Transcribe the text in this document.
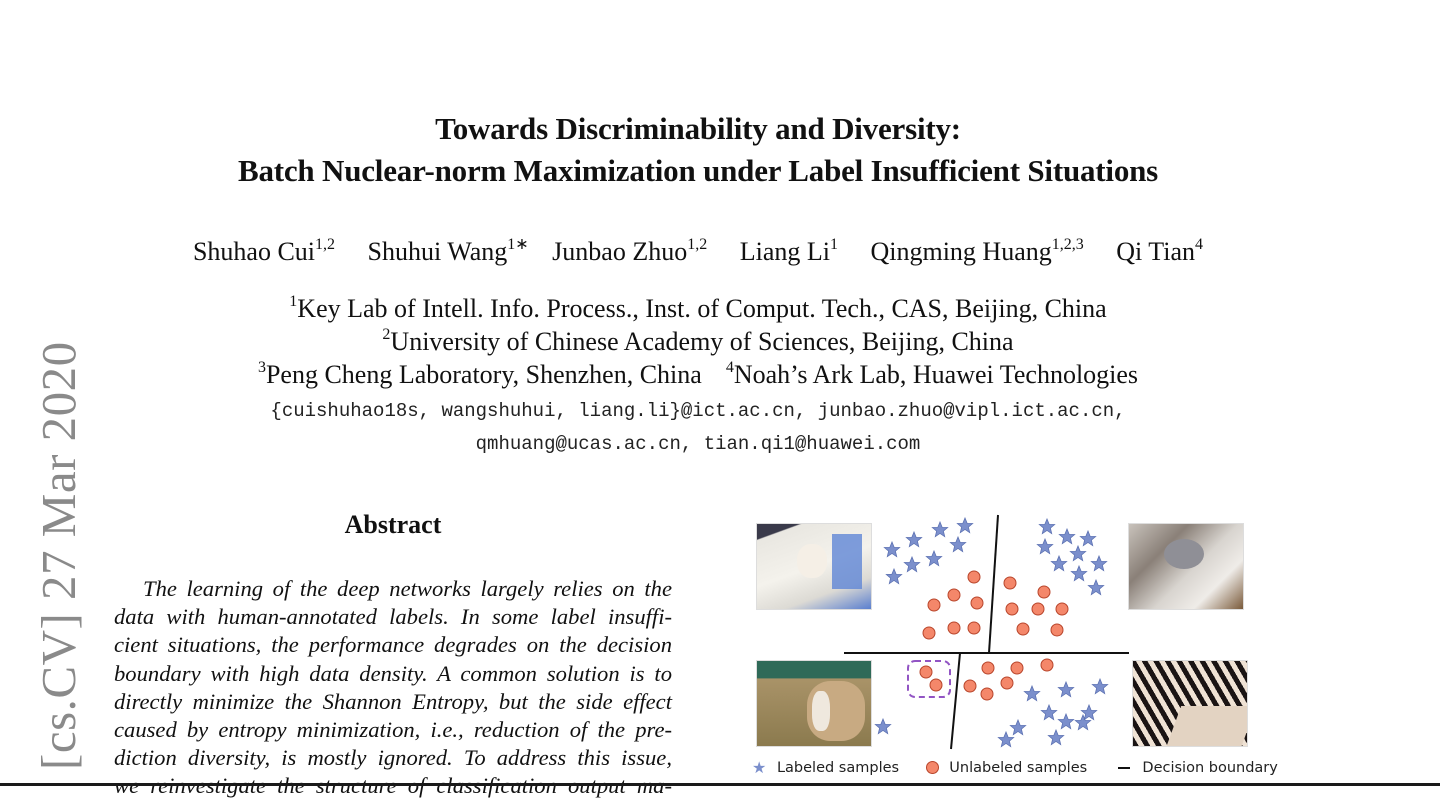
Towards Discriminability and Diversity:
Batch Nuclear-norm Maximization under Label Insufficient Situations
Shuhao Cui$^{1,2}$ Shuhui Wang$^{1∗}$ Junbao Zhuo$^{1,2}$ Liang Li$^1$ Qingming Huang$^{1,2,3}$ Qi Tian$^4$
$^1$Key Lab of Intell. Info. Process., Inst. of Comput. Tech., CAS, Beijing, China
$^2$University of Chinese Academy of Sciences, Beijing, China
$^3$Peng Cheng Laboratory, Shenzhen, China $^4$Noah’s Ark Lab, Huawei Technologies
{cuishuhao18s, wangshuhui, liang.li}@ict.ac.cn, junbao.zhuo@vipl.ict.ac.cn,
qmhuang@ucas.ac.cn, tian.qi1@huawei.com
[cs.CV] 27 Mar 2020	Abstract
The learning of the deep networks largely relies on the
data with human-annotated labels. In some label insuffi-
cient situations, the performance degrades on the decision
boundary with high data density. A common solution is to
directly minimize the Shannon Entropy, but the side effect
caused by entropy minimization, i.e., reduction of the pre-
diction diversity, is mostly ignored. To address this issue,	★ Labeled samples	Unlabeled samples	Decision boundary
